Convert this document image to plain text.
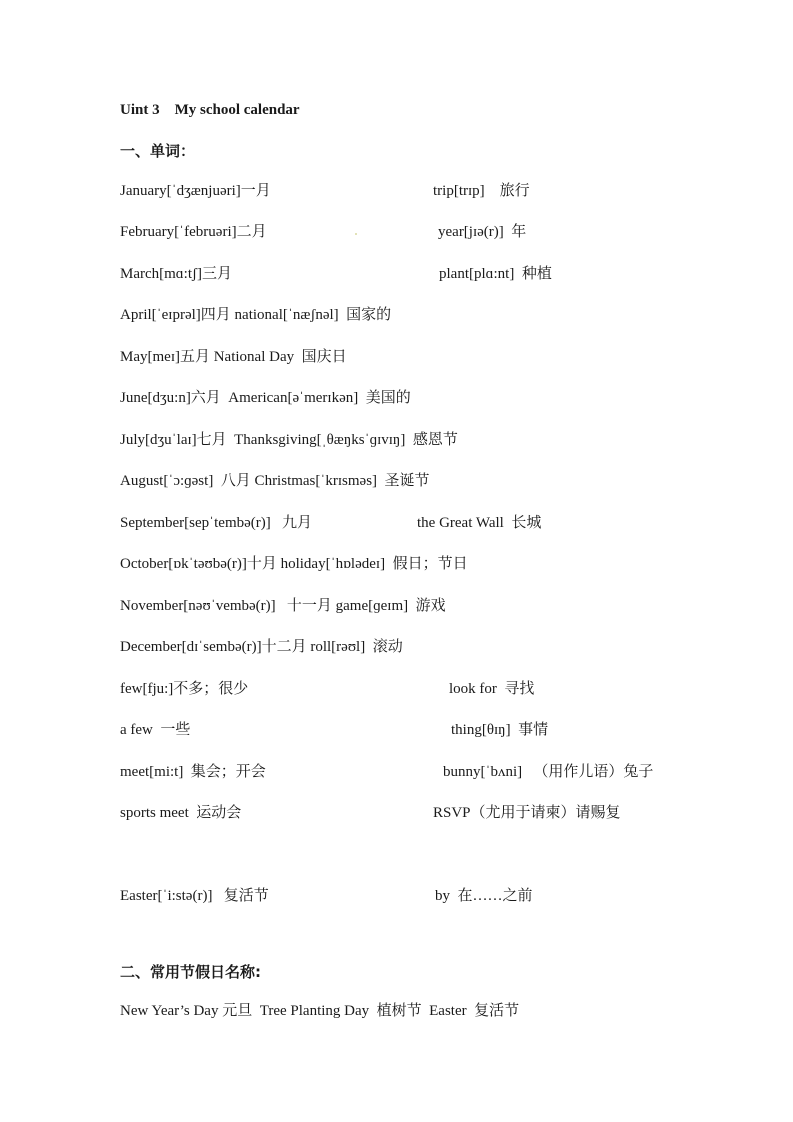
Uint 3    My school calendar
一、单词：
January[ˈdʒænjuəri]一月
February[ˈfebruəri]二月
March[mɑ:tʃ]三月
April[ˈeɪprəl]四月 national[ˈnæʃnəl]  国家的
May[meɪ]五月 National Day  国庆日
June[dʒu:n]六月  American[əˈmerɪkən]  美国的
July[dʒuˈlaɪ]七月  Thanksgiving[ˌθæŋksˈɡɪvɪŋ]  感恩节
August[ˈɔ:ɡəst]  八月 Christmas[ˈkrɪsməs]  圣诞节
September[sepˈtembə(r)]   九月
October[ɒkˈtəʊbə(r)]十月 holiday[ˈhɒlədeɪ]  假日；节日
November[nəʊˈvembə(r)]   十一月 game[ɡeɪm]  游戏
December[dɪˈsembə(r)]十二月 roll[rəʊl]  滚动
few[fju:]不多；很少
a few  一些
meet[mi:t]  集会；开会
sports meet  运动会
Easter[ˈi:stə(r)]   复活节
trip[trɪp]    旅行
year[jɪə(r)]  年
plant[plɑ:nt]  种植
the Great Wall  长城
look for  寻找
thing[θɪŋ]  事情
bunny[ˈbʌni]   （用作儿语）兔子
RSVP（尤用于请柬）请赐复
by  在……之前
二、常用节假日名称:
New Year’s Day 元旦  Tree Planting Day  植树节  Easter  复活节
